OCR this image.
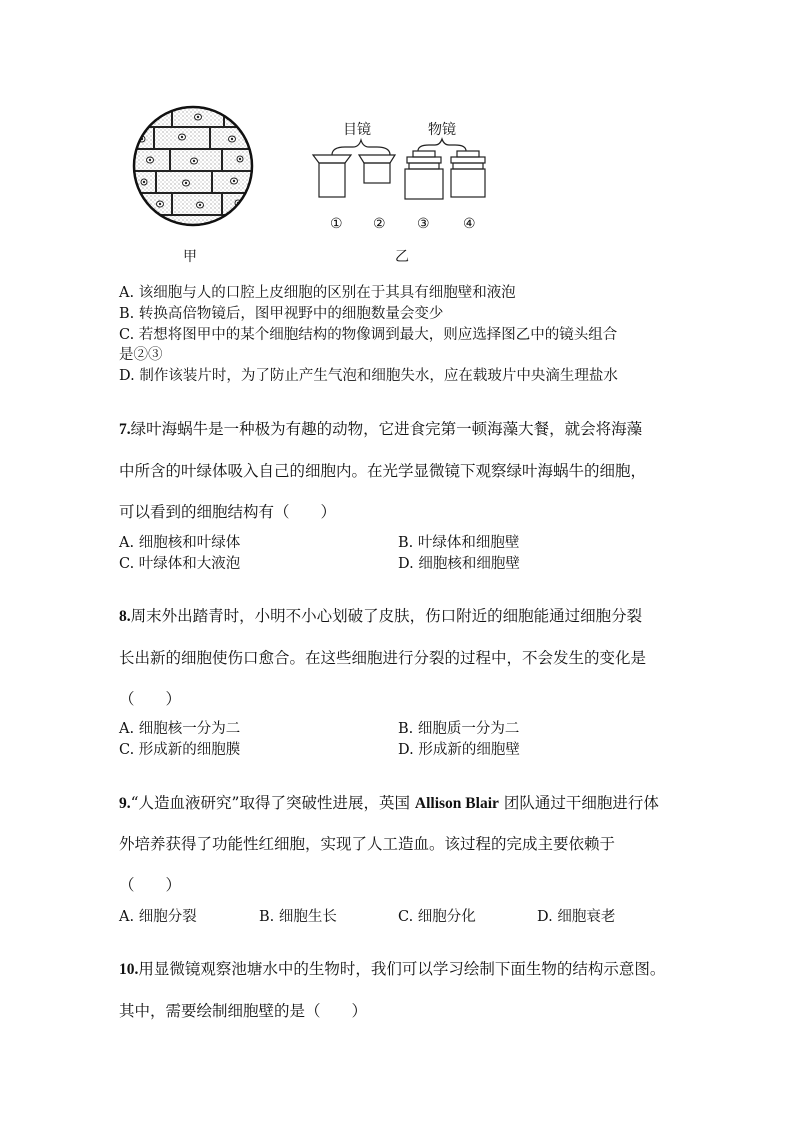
甲
目镜	物镜
① ② ③ ④
乙
A. 该细胞与人的口腔上皮细胞的区别在于其具有细胞壁和液泡
B. 转换高倍物镜后，图甲视野中的细胞数量会变少
C. 若想将图甲中的某个细胞结构的物像调到最大，则应选择图乙中的镜头组合
是②③
D. 制作该装片时，为了防止产生气泡和细胞失水，应在载玻片中央滴生理盐水
7.绿叶海蜗牛是一种极为有趣的动物，它进食完第一顿海藻大餐，就会将海藻
中所含的叶绿体吸入自己的细胞内。在光学显微镜下观察绿叶海蜗牛的细胞，
可以看到的细胞结构有（　　）
A. 细胞核和叶绿体	B. 叶绿体和细胞壁
C. 叶绿体和大液泡	D. 细胞核和细胞壁
8.周末外出踏青时，小明不小心划破了皮肤，伤口附近的细胞能通过细胞分裂
长出新的细胞使伤口愈合。在这些细胞进行分裂的过程中，不会发生的变化是
（　　）
A. 细胞核一分为二	B. 细胞质一分为二
C. 形成新的细胞膜	D. 形成新的细胞壁
9.“人造血液研究”取得了突破性进展，英国 Allison Blair 团队通过干细胞进行体
外培养获得了功能性红细胞，实现了人工造血。该过程的完成主要依赖于
（　　）
A. 细胞分裂	B. 细胞生长	C. 细胞分化	D. 细胞衰老
10.用显微镜观察池塘水中的生物时，我们可以学习绘制下面生物的结构示意图。
其中，需要绘制细胞壁的是（　　）
